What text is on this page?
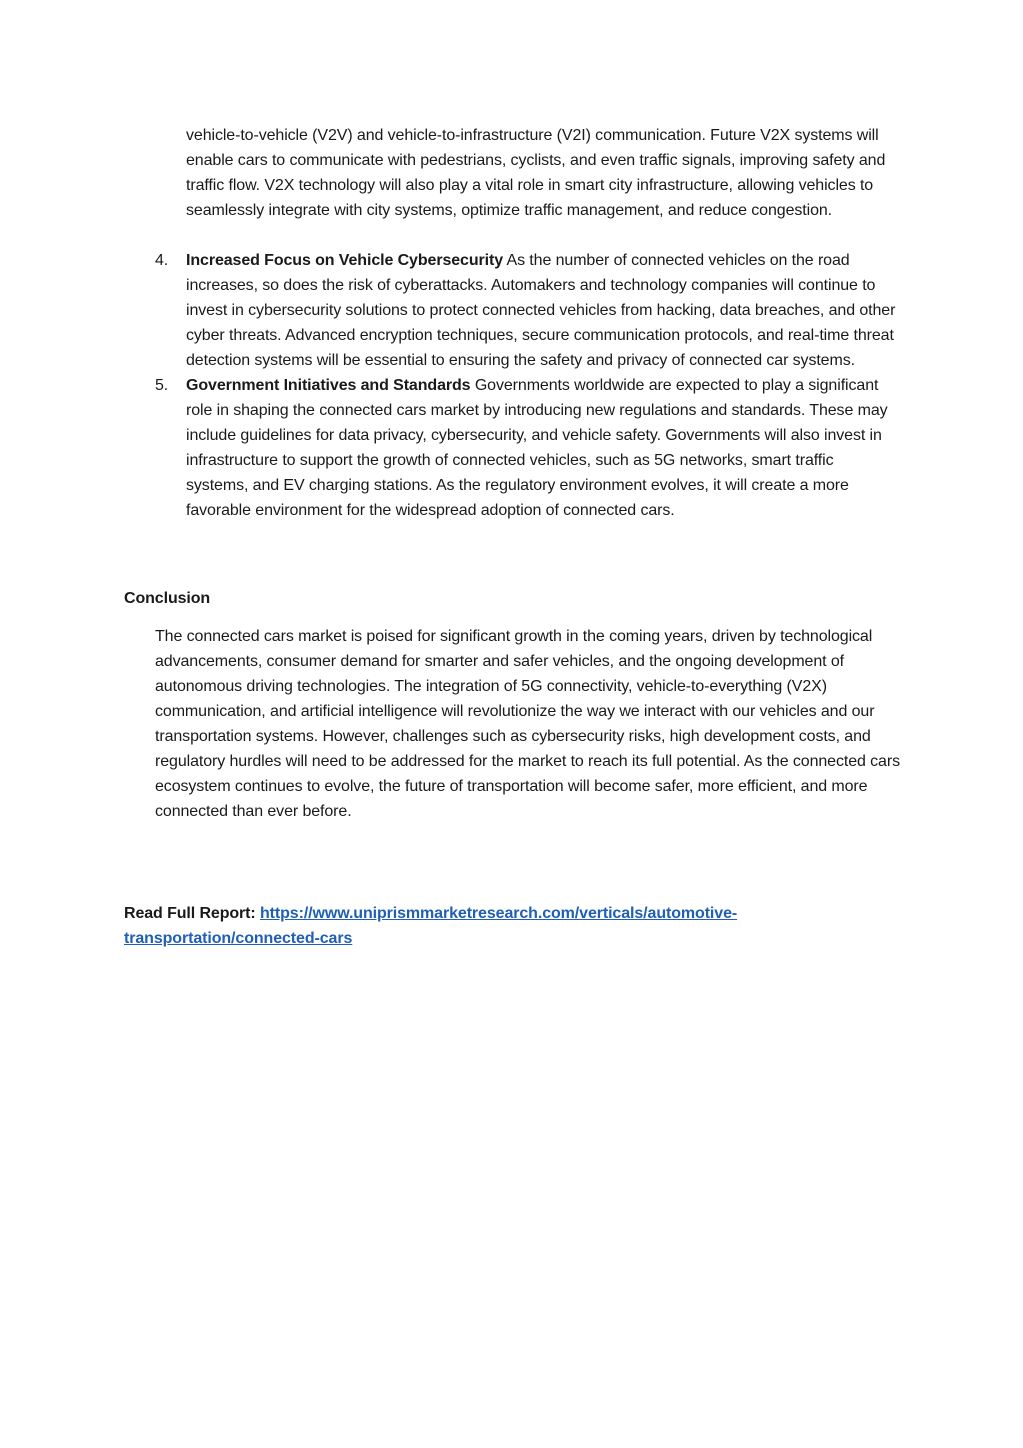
vehicle-to-vehicle (V2V) and vehicle-to-infrastructure (V2I) communication. Future V2X systems will enable cars to communicate with pedestrians, cyclists, and even traffic signals, improving safety and traffic flow. V2X technology will also play a vital role in smart city infrastructure, allowing vehicles to seamlessly integrate with city systems, optimize traffic management, and reduce congestion.

4. Increased Focus on Vehicle Cybersecurity As the number of connected vehicles on the road increases, so does the risk of cyberattacks. Automakers and technology companies will continue to invest in cybersecurity solutions to protect connected vehicles from hacking, data breaches, and other cyber threats. Advanced encryption techniques, secure communication protocols, and real-time threat detection systems will be essential to ensuring the safety and privacy of connected car systems.
5. Government Initiatives and Standards Governments worldwide are expected to play a significant role in shaping the connected cars market by introducing new regulations and standards. These may include guidelines for data privacy, cybersecurity, and vehicle safety. Governments will also invest in infrastructure to support the growth of connected vehicles, such as 5G networks, smart traffic systems, and EV charging stations. As the regulatory environment evolves, it will create a more favorable environment for the widespread adoption of connected cars.
Conclusion

The connected cars market is poised for significant growth in the coming years, driven by technological advancements, consumer demand for smarter and safer vehicles, and the ongoing development of autonomous driving technologies. The integration of 5G connectivity, vehicle-to-everything (V2X) communication, and artificial intelligence will revolutionize the way we interact with our vehicles and our transportation systems. However, challenges such as cybersecurity risks, high development costs, and regulatory hurdles will need to be addressed for the market to reach its full potential. As the connected cars ecosystem continues to evolve, the future of transportation will become safer, more efficient, and more connected than ever before.

Read Full Report: https://www.uniprismmarketresearch.com/verticals/automotive-transportation/connected-cars
